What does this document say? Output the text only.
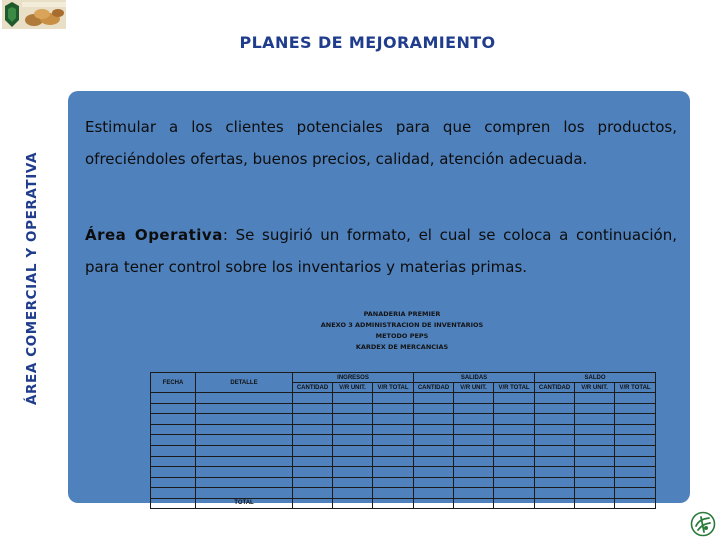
ÁREA COMERCIAL Y OPERATIVA
PLANES DE MEJORAMIENTO
Estimular a los clientes potenciales para que compren los productos, ofreciéndoles ofertas, buenos precios, calidad, atención adecuada.
Área Operativa: Se sugirió un formato, el cual se coloca a continuación, para tener control sobre los inventarios y materias primas.
PANADERIA PREMIER
ANEXO 3 ADMINISTRACION DE INVENTARIOS
METODO PEPS
KARDEX DE MERCANCIAS
FECHA	DETALLE	INGRESOS			SALIDAS			SALDO		
		CANTIDAD	V/R UNIT.	V/R TOTAL	CANTIDAD	V/R UNIT.	V/R TOTAL	CANTIDAD	V/R UNIT.	V/R TOTAL

	TOTAL									
